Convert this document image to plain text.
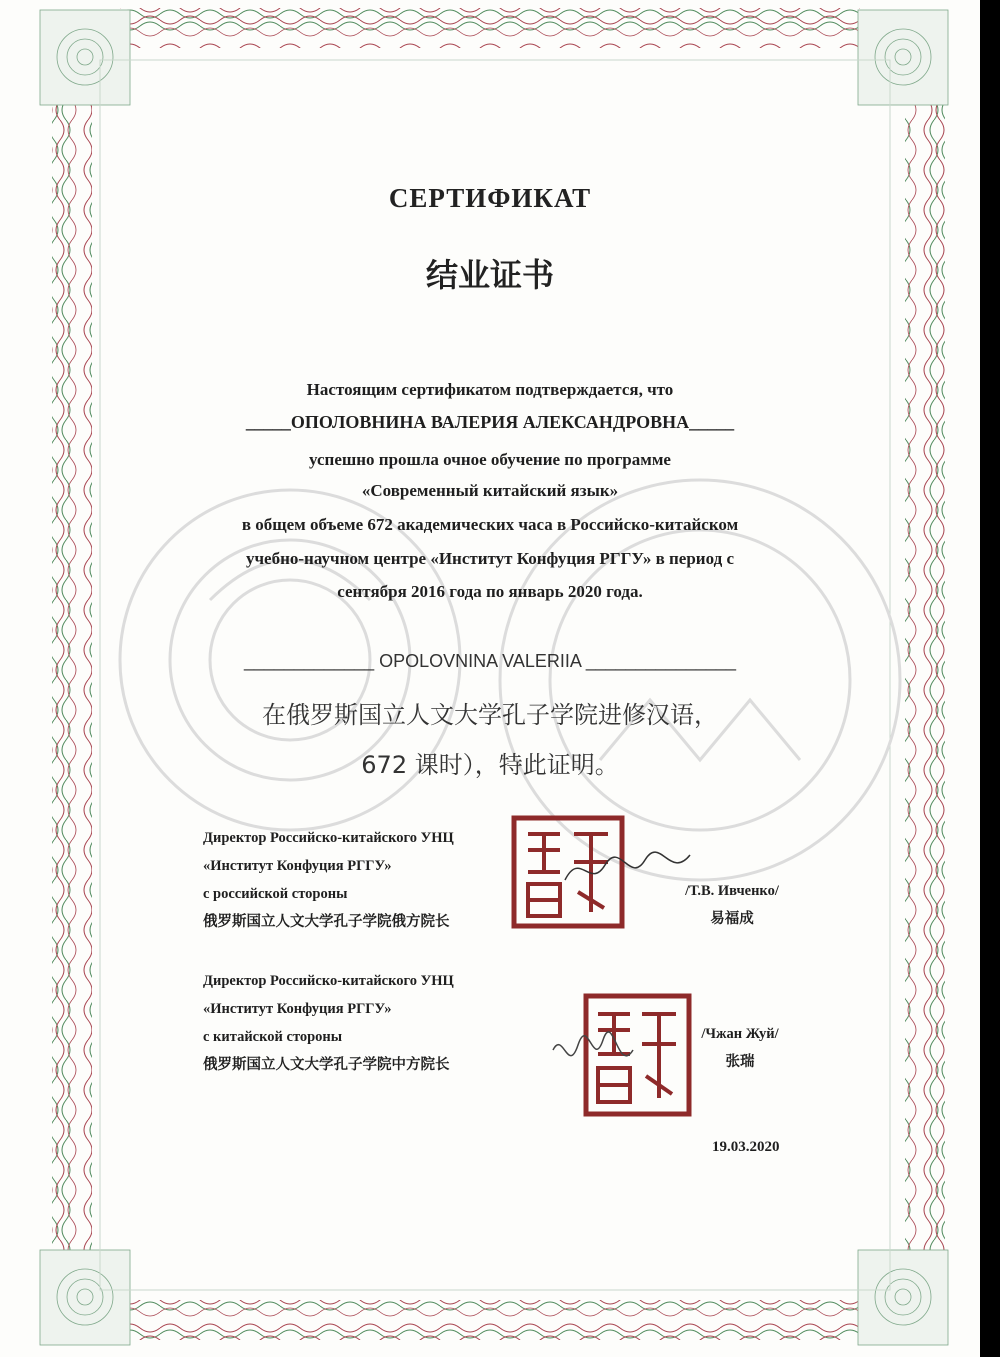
СЕРТИФИКАТ
结业证书
Настоящим сертификатом подтверждается, что
_____ОПОЛОВНИНА ВАЛЕРИЯ АЛЕКСАНДРОВНА_____
успешно прошла очное обучение по программе
«Современный китайский язык»
в общем объеме 672 академических часа в Российско-китайском
учебно-научном центре «Институт Конфуция РГГУ» в период с
сентября 2016 года по январь 2020 года.
_____________ OPOLOVNINA VALERIIA _______________
在俄罗斯国立人文大学孔子学院进修汉语，
672 课时），特此证明。
Директор Российско-китайского УНЦ
«Институт Конфуция РГГУ»
с российской стороны
俄罗斯国立人文大学孔子学院俄方院长
/Т.В. Ивченко/
易福成
Директор Российско-китайского УНЦ
«Институт Конфуция РГГУ»
с китайской стороны
俄罗斯国立人文大学孔子学院中方院长
/Чжан Жуй/
张瑞
19.03.2020
